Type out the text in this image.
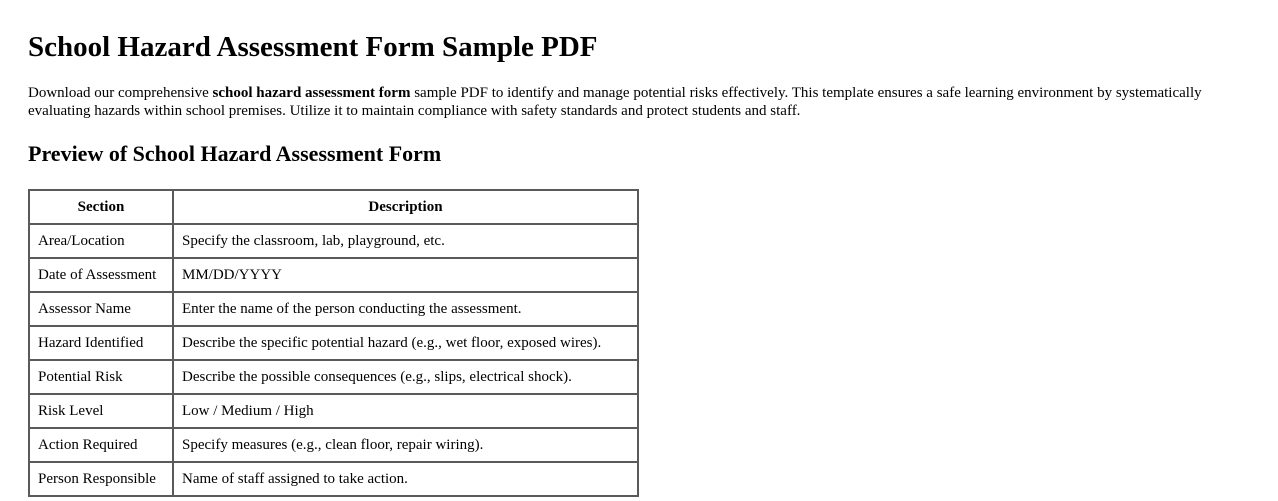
School Hazard Assessment Form Sample PDF

Download our comprehensive school hazard assessment form sample PDF to identify and manage potential risks effectively. This template ensures a safe learning environment by systematically evaluating hazards within school premises. Utilize it to maintain compliance with safety standards and protect students and staff.

Preview of School Hazard Assessment Form
Section	Description
Area/Location	Specify the classroom, lab, playground, etc.
Date of Assessment	MM/DD/YYYY
Assessor Name	Enter the name of the person conducting the assessment.
Hazard Identified	Describe the specific potential hazard (e.g., wet floor, exposed wires).
Potential Risk	Describe the possible consequences (e.g., slips, electrical shock).
Risk Level	Low / Medium / High
Action Required	Specify measures (e.g., clean floor, repair wiring).
Person Responsible	Name of staff assigned to take action.
